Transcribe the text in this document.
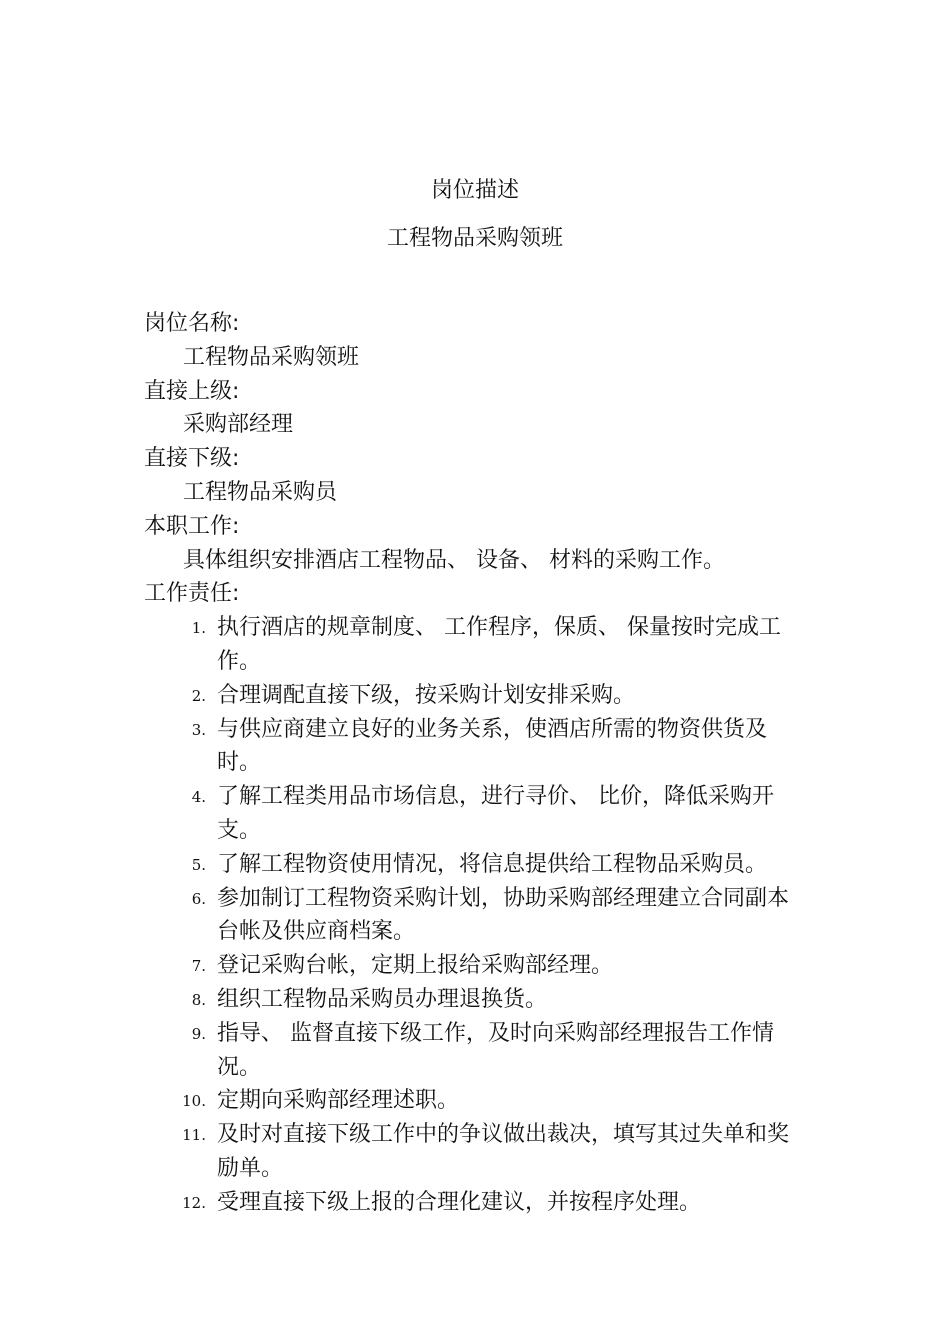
岗位描述
工程物品采购领班

岗位名称:

工程物品采购领班

直接上级:

采购部经理

直接下级:

工程物品采购员

本职工作:

具体组织安排酒店工程物品、 设备、 材料的采购工作。

工作责任:

1. 执行酒店的规章制度、 工作程序，保质、 保量按时完成工作。
2. 合理调配直接下级，按采购计划安排采购。
3. 与供应商建立良好的业务关系，使酒店所需的物资供货及时。
4. 了解工程类用品市场信息，进行寻价、 比价，降低采购开支。
5. 了解工程物资使用情况，将信息提供给工程物品采购员。
6. 参加制订工程物资采购计划，协助采购部经理建立合同副本台帐及供应商档案。
7. 登记采购台帐，定期上报给采购部经理。
8. 组织工程物品采购员办理退换货。
9. 指导、 监督直接下级工作，及时向采购部经理报告工作情况。
10. 定期向采购部经理述职。
11. 及时对直接下级工作中的争议做出裁决，填写其过失单和奖励单。
12. 受理直接下级上报的合理化建议，并按程序处理。
